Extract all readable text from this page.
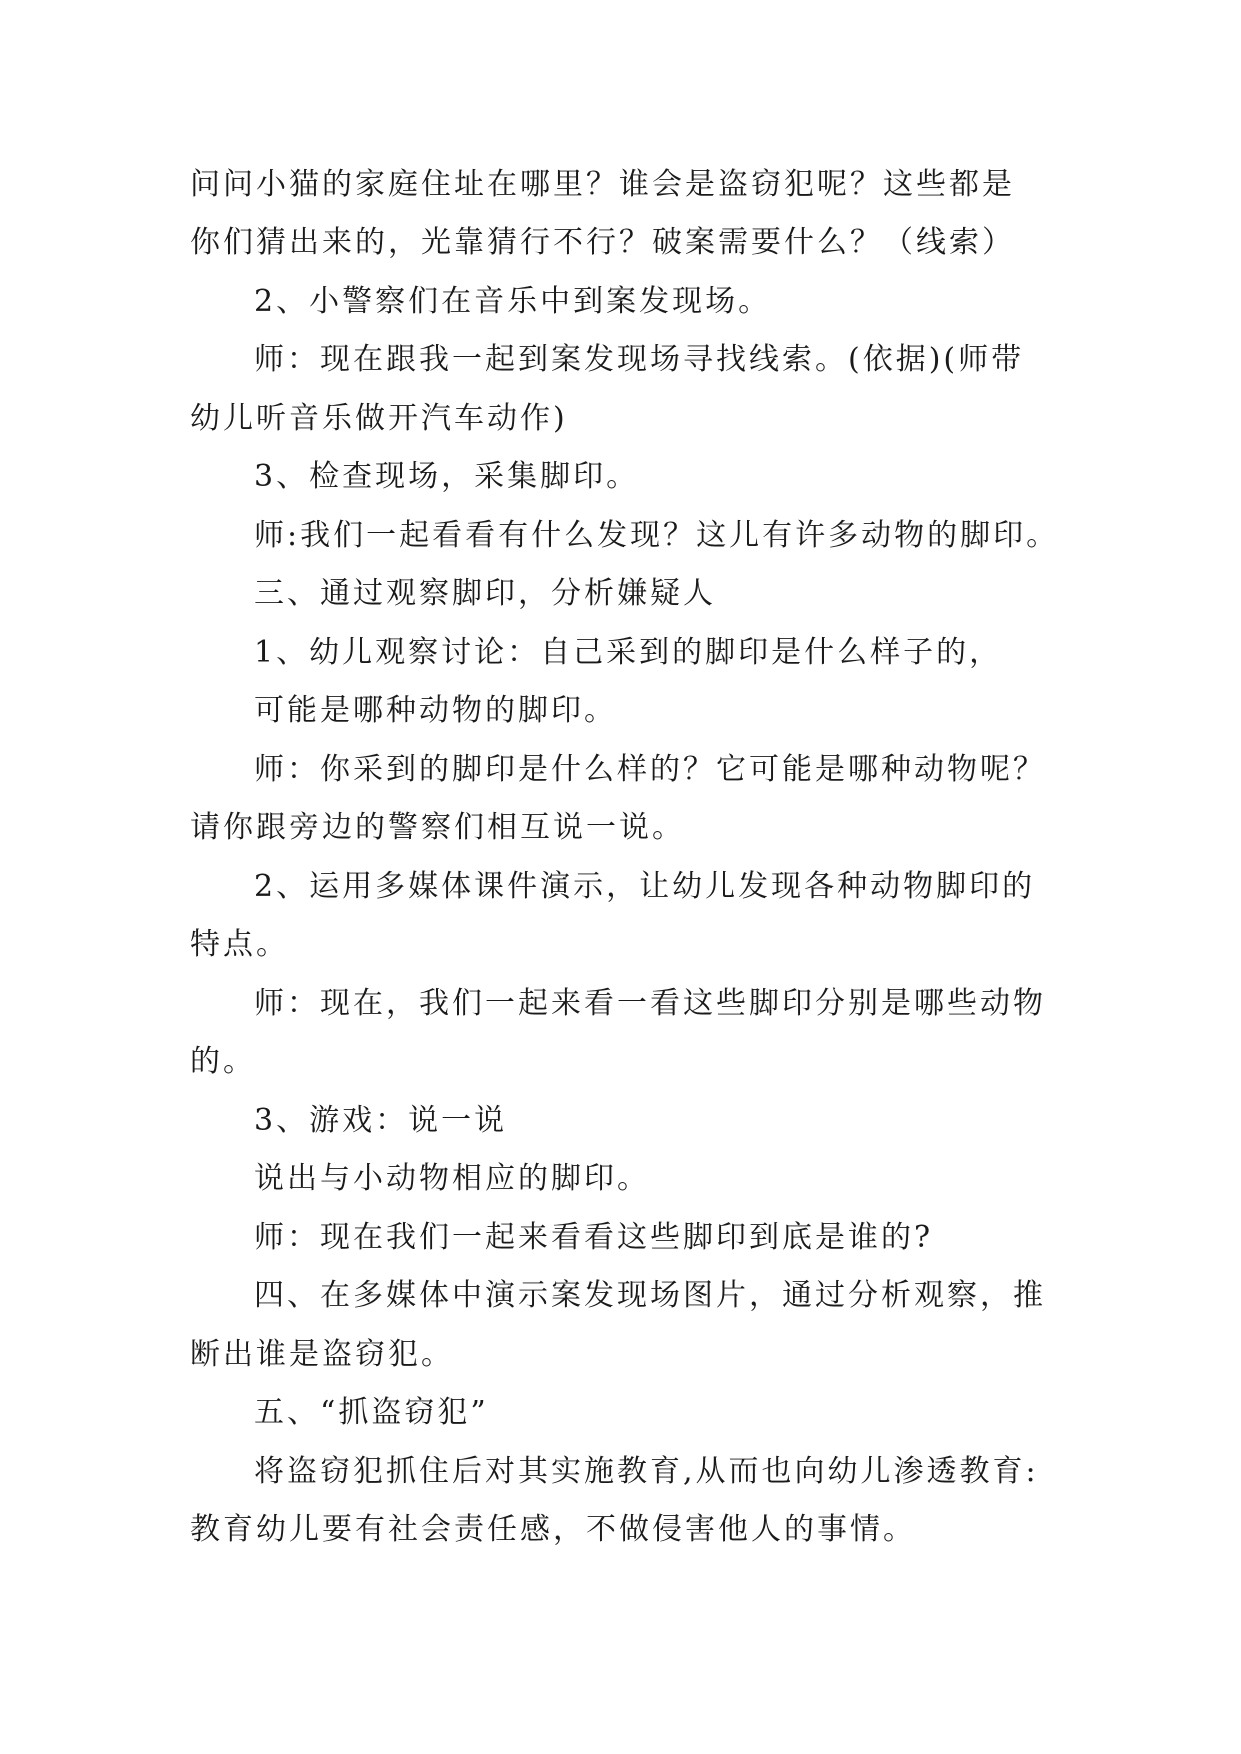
问问小猫的家庭住址在哪里？谁会是盗窃犯呢？这些都是
你们猜出来的，光靠猜行不行？破案需要什么？（线索）
2、小警察们在音乐中到案发现场。
师：现在跟我一起到案发现场寻找线索。(依据)(师带
幼儿听音乐做开汽车动作)
3、检查现场，采集脚印。
师:我们一起看看有什么发现？这儿有许多动物的脚印。
三、通过观察脚印，分析嫌疑人
1、幼儿观察讨论：自己采到的脚印是什么样子的，
可能是哪种动物的脚印。
师：你采到的脚印是什么样的？它可能是哪种动物呢？
请你跟旁边的警察们相互说一说。
2、运用多媒体课件演示，让幼儿发现各种动物脚印的
特点。
师：现在，我们一起来看一看这些脚印分别是哪些动物
的。
3、游戏：说一说
说出与小动物相应的脚印。
师：现在我们一起来看看这些脚印到底是谁的?
四、在多媒体中演示案发现场图片，通过分析观察，推
断出谁是盗窃犯。
五、“抓盗窃犯”
将盗窃犯抓住后对其实施教育,从而也向幼儿渗透教育:
教育幼儿要有社会责任感，不做侵害他人的事情。
